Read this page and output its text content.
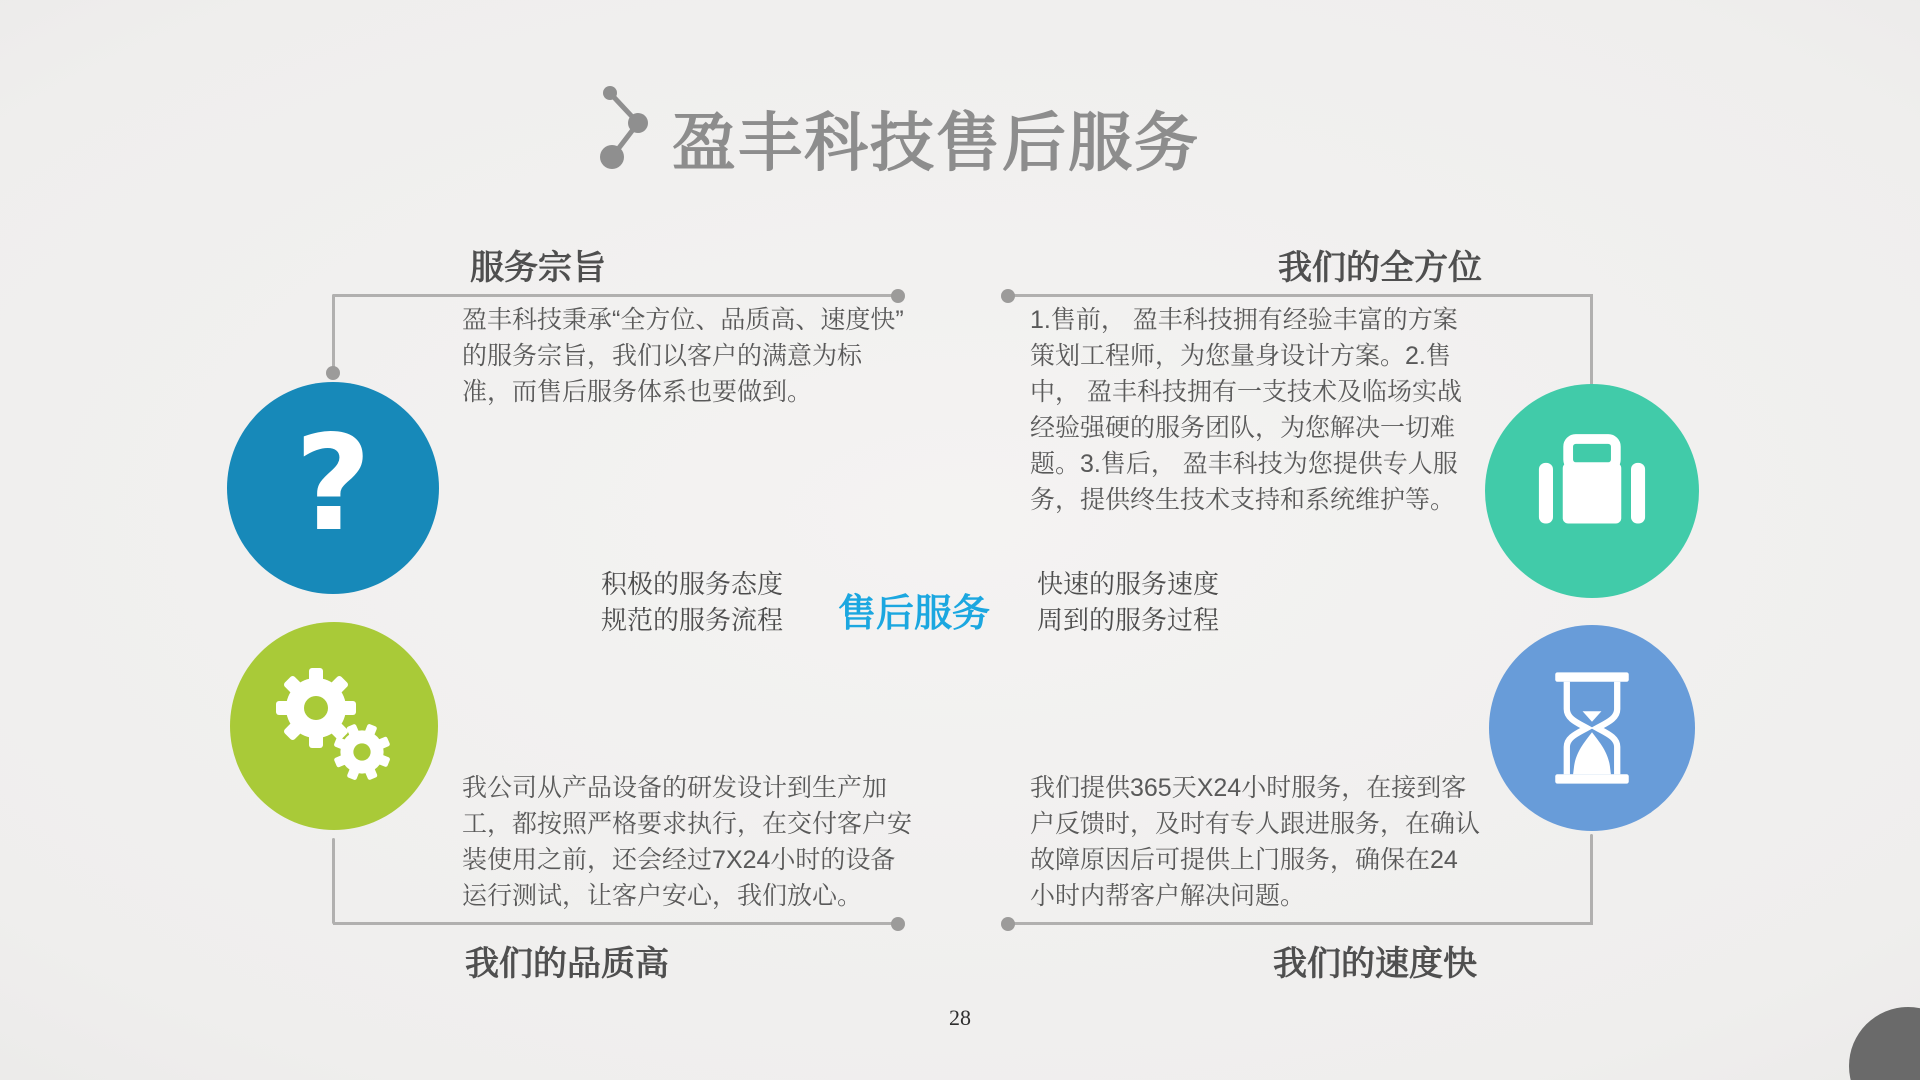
盈丰科技售后服务
服务宗旨
盈丰科技秉承“全方位、品质高、速度快” 的服务宗旨，我们以客户的满意为标准，而售后服务体系也要做到。
我们的全方位
1.售前， 盈丰科技拥有经验丰富的方案策划工程师，为您量身设计方案。2.售中， 盈丰科技拥有一支技术及临场实战经验强硬的服务团队，为您解决一切难题。3.售后， 盈丰科技为您提供专人服务，提供终生技术支持和系统维护等。
我公司从产品设备的研发设计到生产加工，都按照严格要求执行，在交付客户安装使用之前，还会经过7X24小时的设备运行测试，让客户安心，我们放心。
我们的品质高
我们提供365天X24小时服务，在接到客户反馈时，及时有专人跟进服务，在确认故障原因后可提供上门服务，确保在24小时内帮客户解决问题。
我们的速度快
积极的服务态度
规范的服务流程 售后服务
快速的服务速度
周到的服务过程
?
28
